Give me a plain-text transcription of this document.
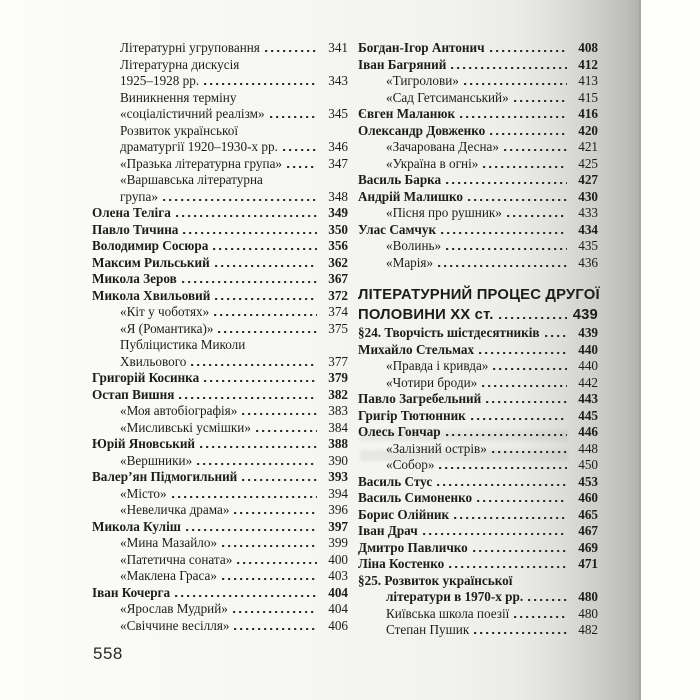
Літературні угруповання	341
Літературна дискусія
1925–1928 рр.	343
Виникнення терміну
«соціалістичний реалізм»	345
Розвиток української
драматургії 1920–1930-х рр.	346
«Празька літературна група»	347
«Варшавська літературна
група»	348
Олена Теліга	349
Павло Тичина	350
Володимир Сосюра	356
Максим Рильський	362
Микола Зеров	367
Микола Хвильовий	372
«Кіт у чоботях»	374
«Я (Романтика)»	375
Публіцистика Миколи
Хвильового	377
Григорій Косинка	379
Остап Вишня	382
«Моя автобіографія»	383
«Мисливські усмішки»	384
Юрій Яновський	388
«Вершники»	390
Валер’ян Підмогильний	393
«Місто»	394
«Невеличка драма»	396
Микола Куліш	397
«Мина Мазайло»	399
«Патетична соната»	400
«Маклена Граса»	403
Іван Кочерга	404
«Ярослав Мудрий»	404
«Свіччине весілля»	406
Богдан-Ігор Антонич	408
Іван Багряний	412
«Тигролови»	413
«Сад Гетсиманський»	415
Євген Маланюк	416
Олександр Довженко	420
«Зачарована Десна»	421
«Україна в огні»	425
Василь Барка	427
Андрій Малишко	430
«Пісня про рушник»	433
Улас Самчук	434
«Волинь»	435
«Марія»	436
ЛІТЕРАТУРНИЙ ПРОЦЕС ДРУГОЇ
ПОЛОВИНИ ХХ ст.	439
§24. Творчість шістдесятників	439
Михайло Стельмах	440
«Правда і кривда»	440
«Чотири броди»	442
Павло Загребельний	443
Григір Тютюнник	445
Олесь Гончар	446
«Залізний острів»	448
«Собор»	450
Василь Стус	453
Василь Симоненко	460
Борис Олійник	465
Іван Драч	467
Дмитро Павличко	469
Ліна Костенко	471
§25. Розвиток української
літератури в 1970-х рр.	480
Київська школа поезії	480
Степан Пушик	482
558
